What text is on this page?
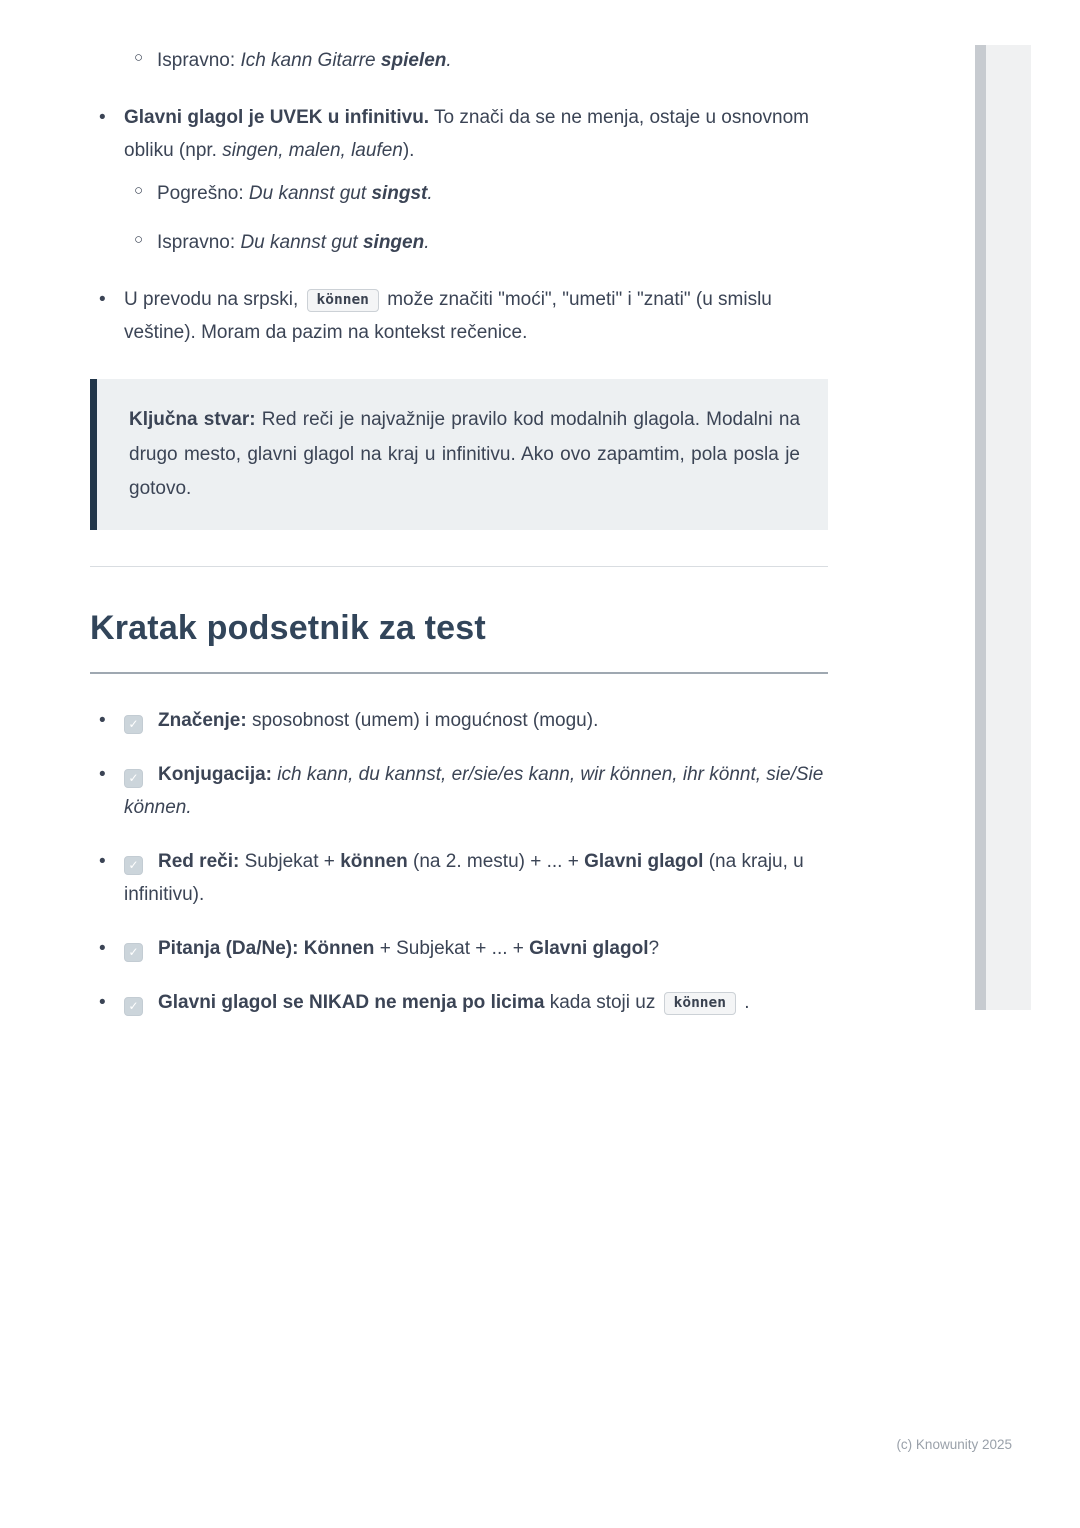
○ Ispravno: Ich kann Gitarre spielen.
• Glavni glagol je UVEK u infinitivu. To znači da se ne menja, ostaje u osnovnom obliku (npr. singen, malen, laufen).
○ Pogrešno: Du kannst gut singst.
○ Ispravno: Du kannst gut singen.
• U prevodu na srpski, können može značiti "moći", "umeti" i "znati" (u smislu veštine). Moram da pazim na kontekst rečenice.
Ključna stvar: Red reči je najvažnije pravilo kod modalnih glagola. Modalni na drugo mesto, glavni glagol na kraj u infinitivu. Ako ovo zapamtim, pola posla je gotovo.
Kratak podsetnik za test
• ✓ Značenje: sposobnost (umem) i mogućnost (mogu).
• ✓ Konjugacija: ich kann, du kannst, er/sie/es kann, wir können, ihr könnt, sie/Sie können.
• ✓ Red reči: Subjekat + können (na 2. mestu) + ... + Glavni glagol (na kraju, u infinitivu).
• ✓ Pitanja (Da/Ne): Können + Subjekat + ... + Glavni glagol?
• ✓ Glavni glagol se NIKAD ne menja po licima kada stoji uz können .
(c) Knowunity 2025
